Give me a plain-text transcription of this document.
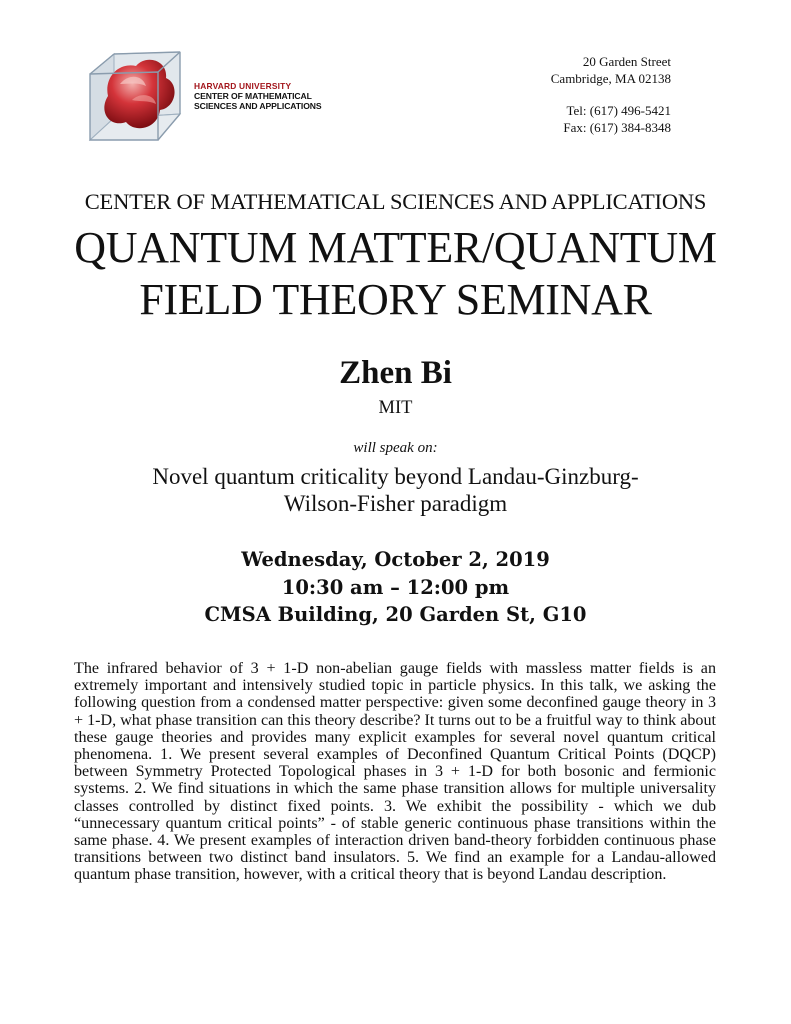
HARVARD UNIVERSITY
CENTER OF MATHEMATICAL
SCIENCES AND APPLICATIONS
20 Garden Street
Cambridge, MA 02138
Tel: (617) 496-5421
Fax: (617) 384-8348
CENTER OF MATHEMATICAL SCIENCES AND APPLICATIONS
QUANTUM MATTER/QUANTUM
FIELD THEORY SEMINAR
Zhen Bi
MIT
will speak on:
Novel quantum criticality beyond Landau-Ginzburg-
Wilson-Fisher paradigm
Wednesday, October 2, 2019
10:30 am – 12:00 pm
CMSA Building, 20 Garden St, G10
The infrared behavior of 3 + 1-D non-abelian gauge fields with massless matter fields is an extremely important and intensively studied topic in particle physics. In this talk, we asking the following question from a condensed matter perspective: given some deconfined gauge theory in 3 + 1-D, what phase transition can this theory describe? It turns out to be a fruitful way to think about these gauge theories and provides many explicit examples for several novel quantum critical phenomena. 1. We present several examples of Deconfined Quantum Critical Points (DQCP) between Symmetry Protected Topological phases in 3 + 1-D for both bosonic and fermionic systems. 2. We find situations in which the same phase transition allows for multiple universality classes controlled by distinct fixed points. 3. We exhibit the possibility - which we dub “unnecessary quantum critical points” - of stable generic continuous phase transitions within the same phase. 4. We present examples of interaction driven band-theory forbidden continuous phase transitions between two distinct band insulators. 5. We find an example for a Landau-allowed quantum phase transition, however, with a critical theory that is beyond Landau description.
